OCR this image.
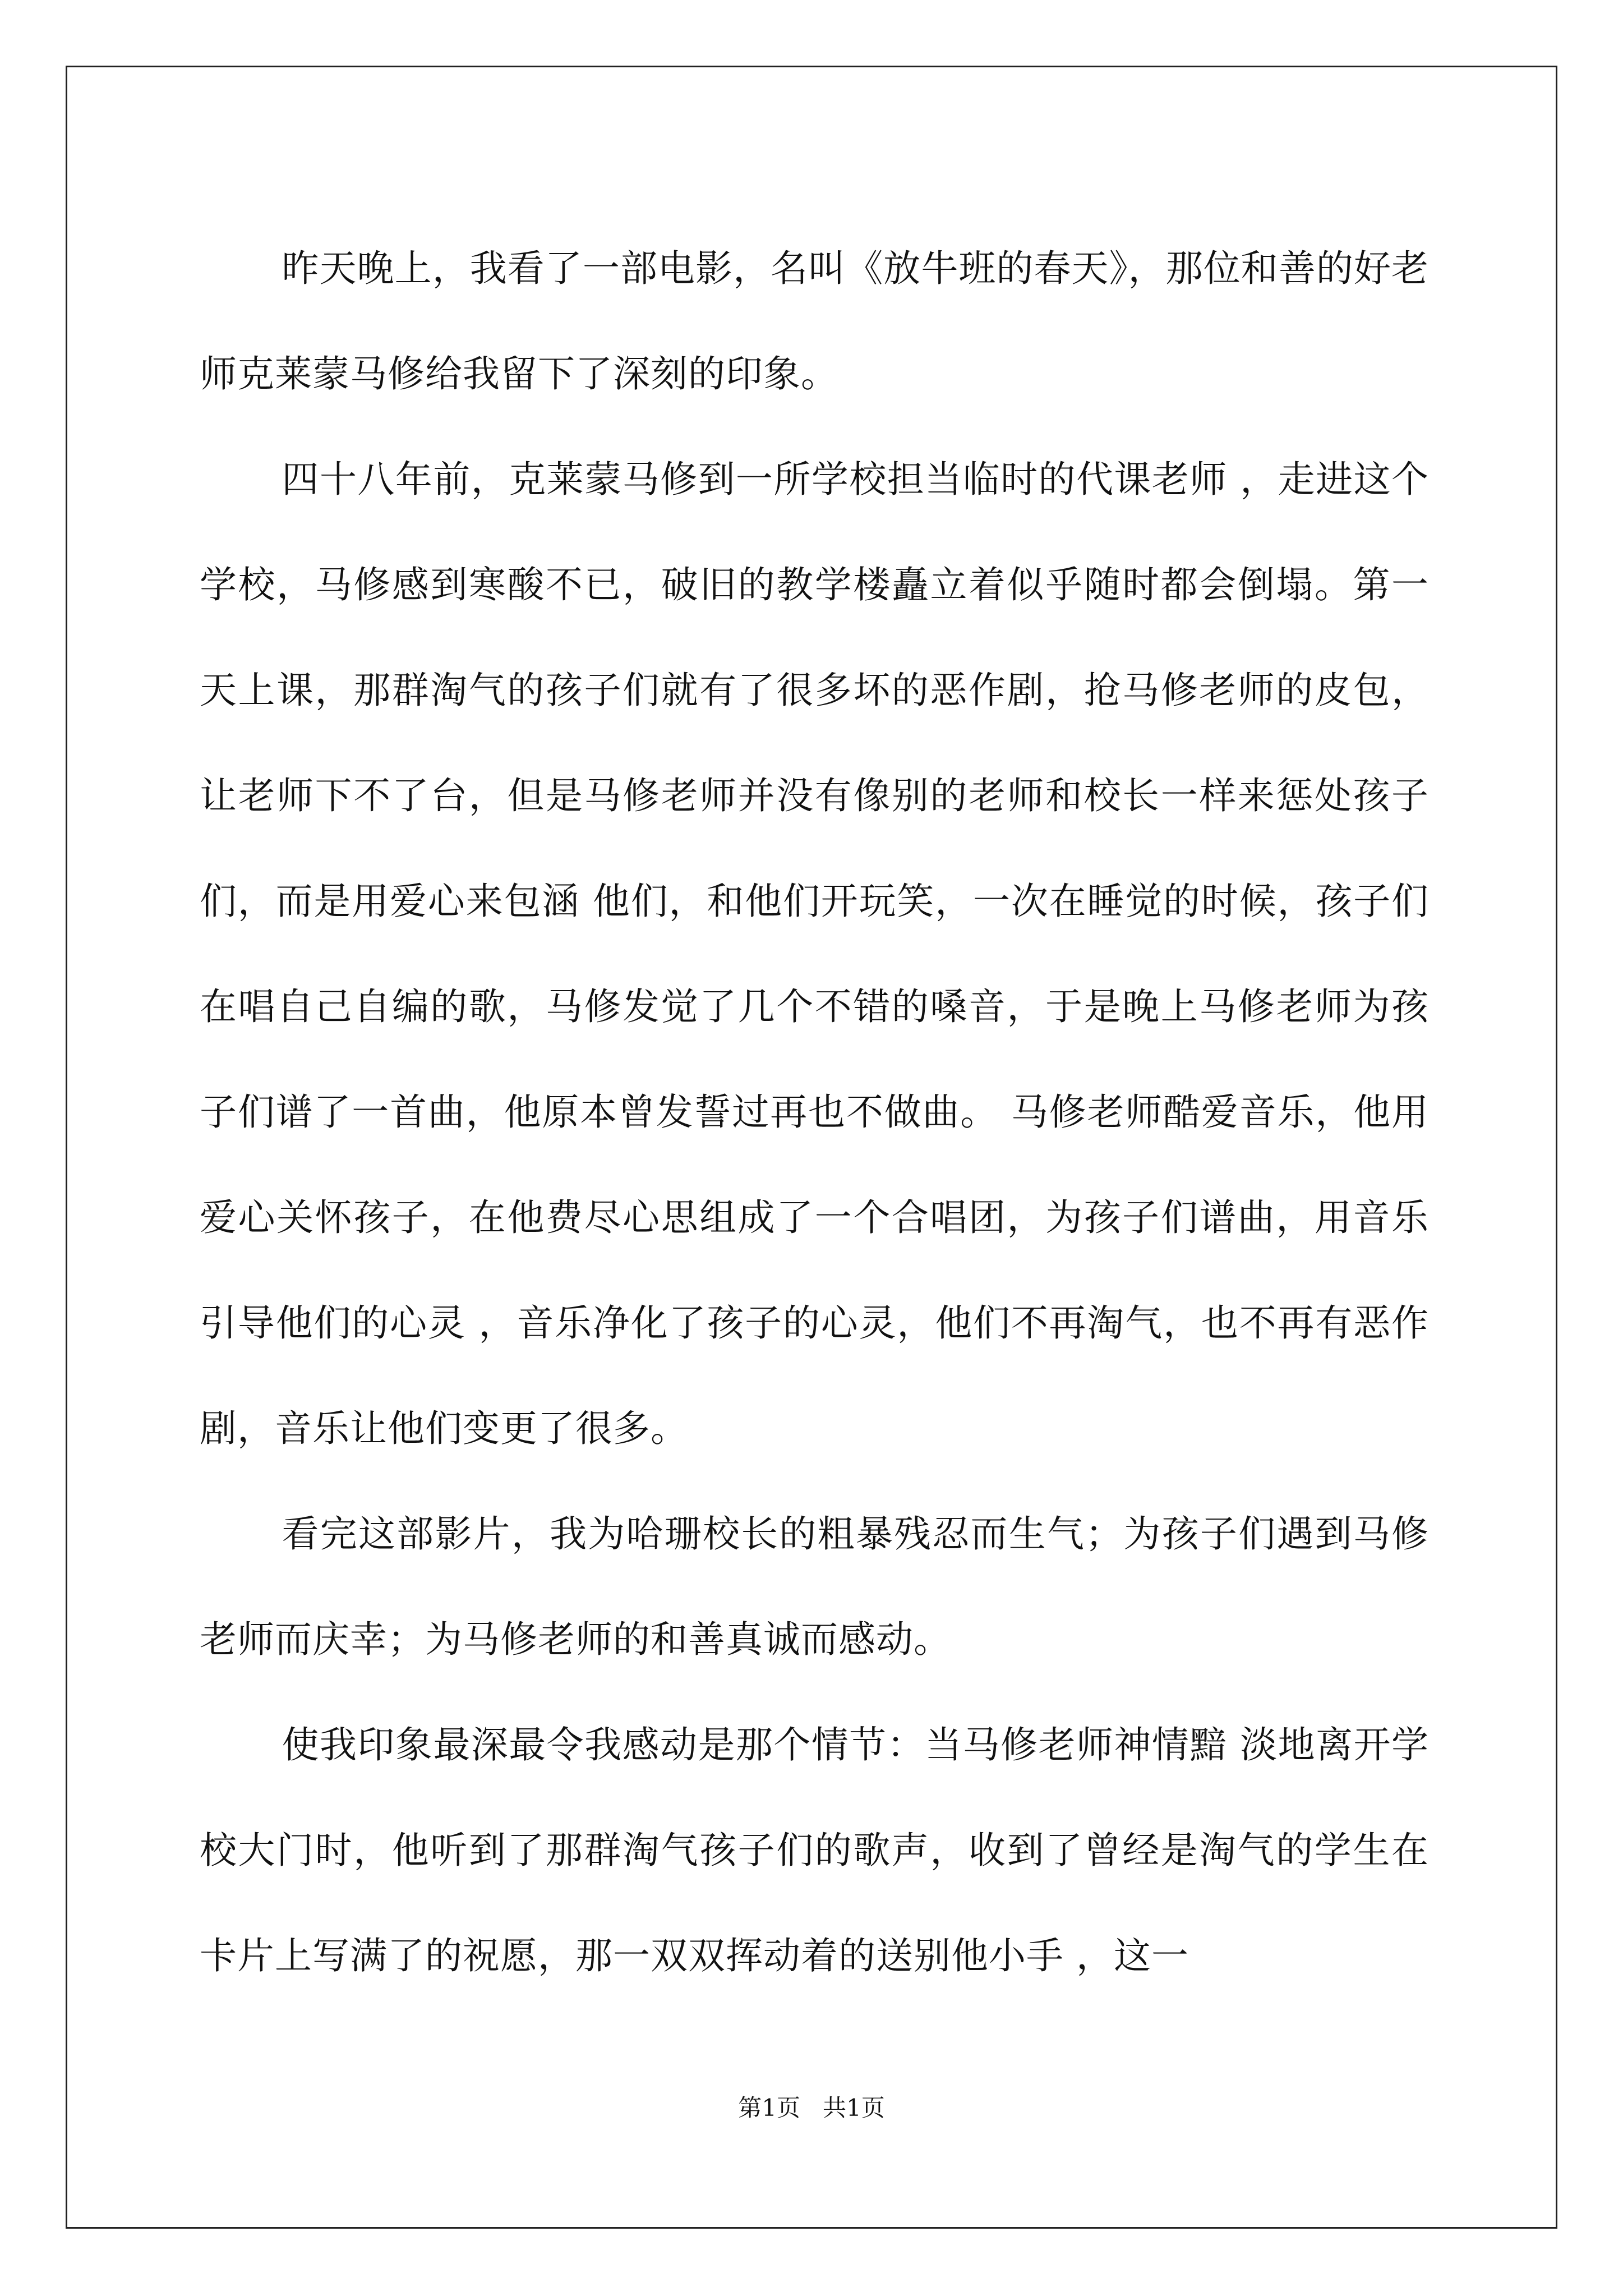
昨天晚上，我看了一部电影，名叫《放牛班的春天》，那位和善的好老师克莱蒙马修给我留下了深刻的印象。

四十八年前，克莱蒙马修到一所学校担当临时的代课老师 ，走进这个学校，马修感到寒酸不已，破旧的教学楼矗立着似乎随时都会倒塌。第一天上课，那群淘气的孩子们就有了很多坏的恶作剧，抢马修老师的皮包，让老师下不了台，但是马修老师并没有像别的老师和校长一样来惩处孩子们，而是用爱心来包涵 他们，和他们开玩笑，一次在睡觉的时候，孩子们在唱自己自编的歌，马修发觉了几个不错的嗓音，于是晚上马修老师为孩子们谱了一首曲，他原本曾发誓过再也不做曲。 马修老师酷爱音乐，他用爱心关怀孩子，在他费尽心思组成了一个合唱团，为孩子们谱曲，用音乐引导他们的心灵 ，音乐净化了孩子的心灵，他们不再淘气，也不再有恶作剧，音乐让他们变更了很多。

看完这部影片，我为哈珊校长的粗暴残忍而生气；为孩子们遇到马修老师而庆幸；为马修老师的和善真诚而感动。

使我印象最深最令我感动是那个情节：当马修老师神情黯 淡地离开学校大门时，他听到了那群淘气孩子们的歌声，收到了曾经是淘气的学生在卡片上写满了的祝愿，那一双双挥动着的送别他小手 ，这一

第1页 共1页
